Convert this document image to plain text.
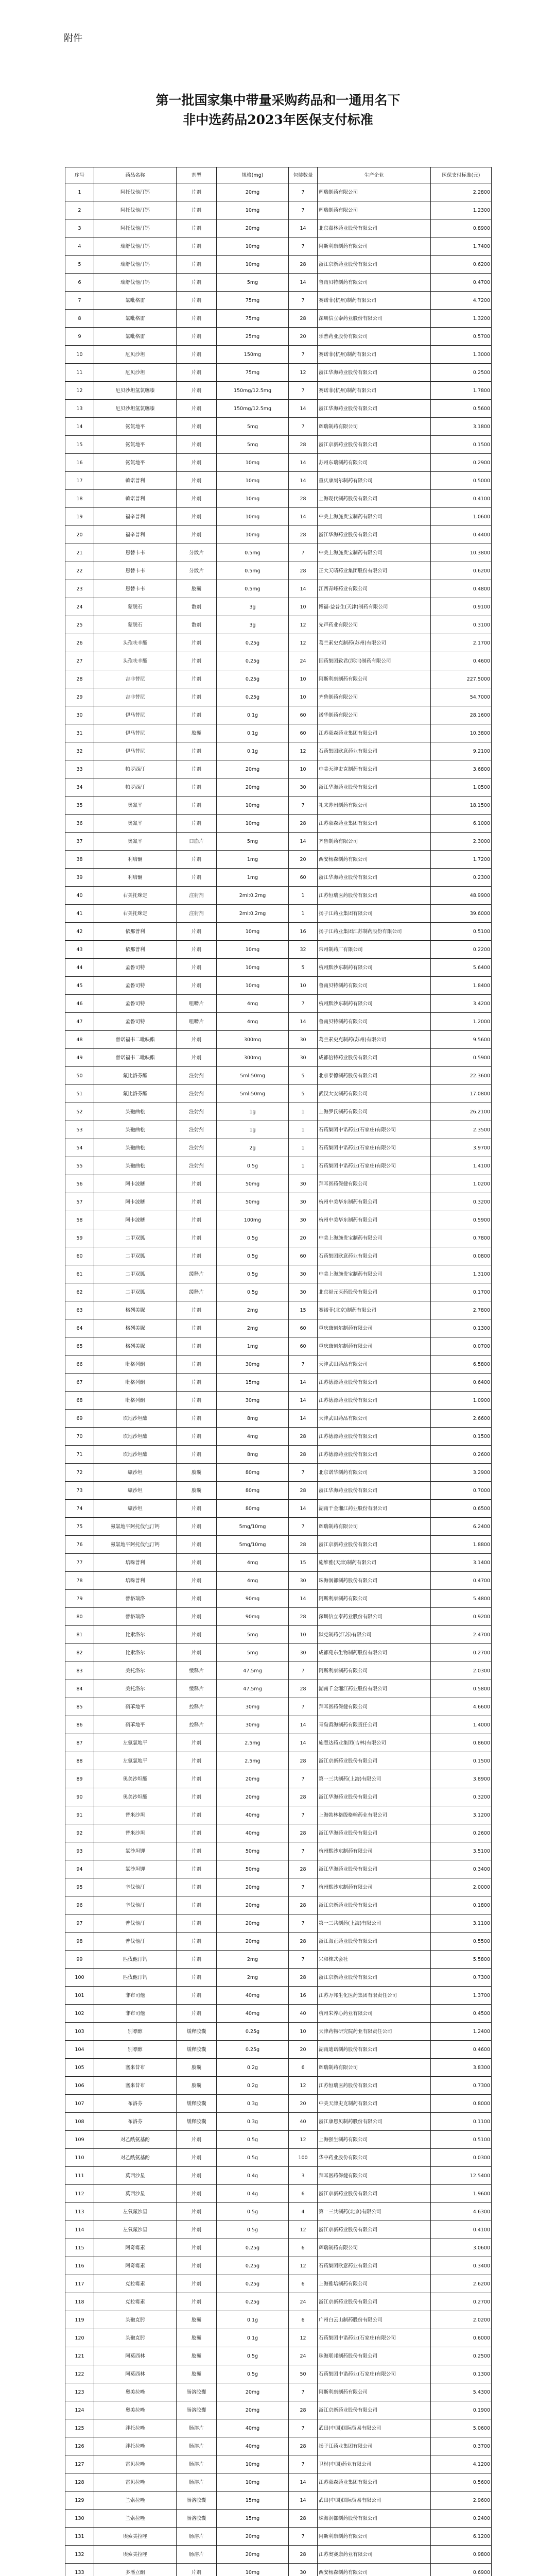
附件
第一批国家集中带量采购药品和一通用名下
非中选药品2023年医保支付标准
序号	药品名称	剂型	规格(mg)	包装数量	生产企业	医保支付标准(元)
1	阿托伐他汀钙	片剂	20mg	7	辉瑞制药有限公司	2.2800
2	阿托伐他汀钙	片剂	10mg	7	辉瑞制药有限公司	1.2300
3	阿托伐他汀钙	片剂	20mg	14	北京嘉林药业股份有限公司	0.8900
4	瑞舒伐他汀钙	片剂	10mg	7	阿斯利康制药有限公司	1.7400
5	瑞舒伐他汀钙	片剂	10mg	28	浙江京新药业股份有限公司	0.6200
6	瑞舒伐他汀钙	片剂	5mg	14	鲁南贝特制药有限公司	0.4700
7	氯吡格雷	片剂	75mg	7	赛诺菲(杭州)制药有限公司	4.7200
8	氯吡格雷	片剂	75mg	28	深圳信立泰药业股份有限公司	1.3200
9	氯吡格雷	片剂	25mg	20	乐普药业股份有限公司	0.5700
10	厄贝沙坦	片剂	150mg	7	赛诺菲(杭州)制药有限公司	1.3000
11	厄贝沙坦	片剂	75mg	12	浙江华海药业股份有限公司	0.2500
12	厄贝沙坦氢氯噻嗪	片剂	150mg/12.5mg	7	赛诺菲(杭州)制药有限公司	1.7800
13	厄贝沙坦氢氯噻嗪	片剂	150mg/12.5mg	14	浙江华海药业股份有限公司	0.5600
14	氨氯地平	片剂	5mg	7	辉瑞制药有限公司	3.1800
15	氨氯地平	片剂	5mg	28	浙江京新药业股份有限公司	0.1500
16	氨氯地平	片剂	10mg	14	苏州东瑞制药有限公司	0.2900
17	赖诺普利	片剂	10mg	14	重庆康刻尔制药有限公司	0.5000
18	赖诺普利	片剂	10mg	28	上海现代制药股份有限公司	0.4100
19	福辛普利	片剂	10mg	14	中美上海施贵宝制药有限公司	1.0600
20	福辛普利	片剂	10mg	28	浙江华海药业股份有限公司	0.4400
21	恩替卡韦	分散片	0.5mg	7	中美上海施贵宝制药有限公司	10.3800
22	恩替卡韦	分散片	0.5mg	28	正大天晴药业集团股份有限公司	0.6200
23	恩替卡韦	胶囊	0.5mg	14	江西青峰药业有限公司	0.4800
24	蒙脱石	散剂	3g	10	博福-益普生(天津)制药有限公司	0.9100
25	蒙脱石	散剂	3g	12	先声药业有限公司	0.3100
26	头孢呋辛酯	片剂	0.25g	12	葛兰素史克制药(苏州)有限公司	2.1700
27	头孢呋辛酯	片剂	0.25g	24	国药集团致君(深圳)制药有限公司	0.4600
28	吉非替尼	片剂	0.25g	10	阿斯利康制药有限公司	227.5000
29	吉非替尼	片剂	0.25g	10	齐鲁制药有限公司	54.7000
30	伊马替尼	片剂	0.1g	60	诺华制药有限公司	28.1600
31	伊马替尼	胶囊	0.1g	60	江苏豪森药业集团有限公司	10.3800
32	伊马替尼	片剂	0.1g	12	石药集团欧意药业有限公司	9.2100
33	帕罗西汀	片剂	20mg	10	中美天津史克制药有限公司	3.6800
34	帕罗西汀	片剂	20mg	30	浙江华海药业股份有限公司	1.0500
35	奥氮平	片剂	10mg	7	礼来苏州制药有限公司	18.1500
36	奥氮平	片剂	10mg	28	江苏豪森药业集团有限公司	6.1000
37	奥氮平	口崩片	5mg	14	齐鲁制药有限公司	2.3000
38	利培酮	片剂	1mg	20	西安杨森制药有限公司	1.7200
39	利培酮	片剂	1mg	60	浙江华海药业股份有限公司	0.2300
40	右美托咪定	注射剂	2ml:0.2mg	1	江苏恒瑞医药股份有限公司	48.9900
41	右美托咪定	注射剂	2ml:0.2mg	1	扬子江药业集团有限公司	39.6000
42	依那普利	片剂	10mg	16	扬子江药业集团江苏制药股份有限公司	0.5100
43	依那普利	片剂	10mg	32	常州制药厂有限公司	0.2200
44	孟鲁司特	片剂	10mg	5	杭州默沙东制药有限公司	5.6400
45	孟鲁司特	片剂	10mg	10	鲁南贝特制药有限公司	1.8400
46	孟鲁司特	咀嚼片	4mg	7	杭州默沙东制药有限公司	3.4200
47	孟鲁司特	咀嚼片	4mg	14	鲁南贝特制药有限公司	1.2000
48	替诺福韦二吡呋酯	片剂	300mg	30	葛兰素史克制药(苏州)有限公司	9.5600
49	替诺福韦二吡呋酯	片剂	300mg	30	成都倍特药业股份有限公司	0.5900
50	氟比洛芬酯	注射剂	5ml:50mg	5	北京泰德制药股份有限公司	22.3600
51	氟比洛芬酯	注射剂	5ml:50mg	5	武汉大安制药有限公司	17.0800
52	头孢曲松	注射剂	1g	1	上海罗氏制药有限公司	26.2100
53	头孢曲松	注射剂	1g	1	石药集团中诺药业(石家庄)有限公司	2.3500
54	头孢曲松	注射剂	2g	1	石药集团中诺药业(石家庄)有限公司	3.9700
55	头孢曲松	注射剂	0.5g	1	石药集团中诺药业(石家庄)有限公司	1.4100
56	阿卡波糖	片剂	50mg	30	拜耳医药保健有限公司	1.0200
57	阿卡波糖	片剂	50mg	30	杭州中美华东制药有限公司	0.3200
58	阿卡波糖	片剂	100mg	30	杭州中美华东制药有限公司	0.5900
59	二甲双胍	片剂	0.5g	20	中美上海施贵宝制药有限公司	0.7800
60	二甲双胍	片剂	0.5g	60	石药集团欧意药业有限公司	0.0800
61	二甲双胍	缓释片	0.5g	30	中美上海施贵宝制药有限公司	1.3100
62	二甲双胍	缓释片	0.5g	30	北京福元医药股份有限公司	0.1700
63	格列美脲	片剂	2mg	15	赛诺菲(北京)制药有限公司	2.7800
64	格列美脲	片剂	2mg	60	重庆康刻尔制药有限公司	0.1300
65	格列美脲	片剂	1mg	60	重庆康刻尔制药有限公司	0.0700
66	吡格列酮	片剂	30mg	7	天津武田药品有限公司	6.5800
67	吡格列酮	片剂	15mg	14	江苏德源药业股份有限公司	0.6400
68	吡格列酮	片剂	30mg	14	江苏德源药业股份有限公司	1.0900
69	坎地沙坦酯	片剂	8mg	14	天津武田药品有限公司	2.6600
70	坎地沙坦酯	片剂	4mg	28	江苏德源药业股份有限公司	0.1500
71	坎地沙坦酯	片剂	8mg	28	江苏德源药业股份有限公司	0.2600
72	缬沙坦	胶囊	80mg	7	北京诺华制药有限公司	3.2900
73	缬沙坦	胶囊	80mg	28	浙江华海药业股份有限公司	0.7000
74	缬沙坦	片剂	80mg	14	湖南千金湘江药业股份有限公司	0.6500
75	氨氯地平阿托伐他汀钙	片剂	5mg/10mg	7	辉瑞制药有限公司	6.2400
76	氨氯地平阿托伐他汀钙	片剂	5mg/10mg	28	浙江京新药业股份有限公司	1.8800
77	培哚普利	片剂	4mg	15	施维雅(天津)制药有限公司	3.1400
78	培哚普利	片剂	4mg	30	珠海润都制药股份有限公司	0.4700
79	替格瑞洛	片剂	90mg	14	阿斯利康制药有限公司	5.4800
80	替格瑞洛	片剂	90mg	28	深圳信立泰药业股份有限公司	0.9200
81	比索洛尔	片剂	5mg	10	默克制药(江苏)有限公司	2.4700
82	比索洛尔	片剂	5mg	30	成都苑东生物制药股份有限公司	0.2700
83	美托洛尔	缓释片	47.5mg	7	阿斯利康制药有限公司	2.0300
84	美托洛尔	缓释片	47.5mg	28	湖南千金湘江药业股份有限公司	0.5800
85	硝苯地平	控释片	30mg	7	拜耳医药保健有限公司	4.6600
86	硝苯地平	控释片	30mg	14	青岛黄海制药有限责任公司	1.4000
87	左氨氯地平	片剂	2.5mg	14	施慧达药业集团(吉林)有限公司	0.8600
88	左氨氯地平	片剂	2.5mg	28	浙江京新药业股份有限公司	0.1500
89	奥美沙坦酯	片剂	20mg	7	第一三共制药(上海)有限公司	3.8900
90	奥美沙坦酯	片剂	20mg	28	浙江华海药业股份有限公司	0.3200
91	替米沙坦	片剂	40mg	7	上海勃林格殷格翰药业有限公司	3.1200
92	替米沙坦	片剂	40mg	28	浙江华海药业股份有限公司	0.2600
93	氯沙坦钾	片剂	50mg	7	杭州默沙东制药有限公司	3.5100
94	氯沙坦钾	片剂	50mg	28	浙江华海药业股份有限公司	0.3400
95	辛伐他汀	片剂	20mg	7	杭州默沙东制药有限公司	2.0000
96	辛伐他汀	片剂	20mg	28	浙江京新药业股份有限公司	0.1800
97	普伐他汀	片剂	20mg	7	第一三共制药(上海)有限公司	3.1100
98	普伐他汀	片剂	20mg	28	浙江海正药业股份有限公司	0.5500
99	匹伐他汀钙	片剂	2mg	7	兴和株式会社	5.5800
100	匹伐他汀钙	片剂	2mg	28	浙江京新药业股份有限公司	0.7300
101	非布司他	片剂	40mg	16	江苏万邦生化医药集团有限责任公司	1.3700
102	非布司他	片剂	40mg	40	杭州朱养心药业有限公司	0.4500
103	别嘌醇	缓释胶囊	0.25g	10	天津药物研究院药业有限责任公司	1.2400
104	别嘌醇	缓释胶囊	0.25g	20	湖南迪诺制药股份有限公司	0.4600
105	塞来昔布	胶囊	0.2g	6	辉瑞制药有限公司	3.8300
106	塞来昔布	胶囊	0.2g	12	江苏恒瑞医药股份有限公司	0.7300
107	布洛芬	缓释胶囊	0.3g	20	中美天津史克制药有限公司	0.8000
108	布洛芬	缓释胶囊	0.3g	40	浙江康恩贝制药股份有限公司	0.1100
109	对乙酰氨基酚	片剂	0.5g	12	上海强生制药有限公司	0.5100
110	对乙酰氨基酚	片剂	0.5g	100	华中药业股份有限公司	0.0300
111	莫西沙星	片剂	0.4g	3	拜耳医药保健有限公司	12.5400
112	莫西沙星	片剂	0.4g	6	浙江京新药业股份有限公司	1.9600
113	左氧氟沙星	片剂	0.5g	4	第一三共制药(北京)有限公司	4.6300
114	左氧氟沙星	片剂	0.5g	12	浙江京新药业股份有限公司	0.4100
115	阿奇霉素	片剂	0.25g	6	辉瑞制药有限公司	3.0600
116	阿奇霉素	片剂	0.25g	12	石药集团欧意药业有限公司	0.3400
117	克拉霉素	片剂	0.25g	6	上海雅培制药有限公司	2.6200
118	克拉霉素	片剂	0.25g	24	浙江京新药业股份有限公司	0.2700
119	头孢克肟	胶囊	0.1g	6	广州白云山制药股份有限公司	2.0200
120	头孢克肟	胶囊	0.1g	12	石药集团中诺药业(石家庄)有限公司	0.6000
121	阿莫西林	胶囊	0.5g	24	珠海联邦制药股份有限公司	0.2500
122	阿莫西林	胶囊	0.5g	50	石药集团中诺药业(石家庄)有限公司	0.1300
123	奥美拉唑	肠溶胶囊	20mg	7	阿斯利康制药有限公司	5.4300
124	奥美拉唑	肠溶胶囊	20mg	28	浙江京新药业股份有限公司	0.1900
125	泮托拉唑	肠溶片	40mg	7	武田(中国)国际贸易有限公司	5.0600
126	泮托拉唑	肠溶片	40mg	28	扬子江药业集团有限公司	0.3700
127	雷贝拉唑	肠溶片	10mg	7	卫材(中国)药业有限公司	4.1200
128	雷贝拉唑	肠溶片	10mg	14	江苏豪森药业集团有限公司	0.5600
129	兰索拉唑	肠溶胶囊	15mg	14	武田(中国)国际贸易有限公司	2.9600
130	兰索拉唑	肠溶胶囊	15mg	28	珠海润都制药股份有限公司	0.2400
131	埃索美拉唑	肠溶片	20mg	7	阿斯利康制药有限公司	6.1200
132	埃索美拉唑	肠溶片	20mg	28	江苏奥赛康药业有限公司	0.9800
133	多潘立酮	片剂	10mg	30	西安杨森制药有限公司	0.6900
